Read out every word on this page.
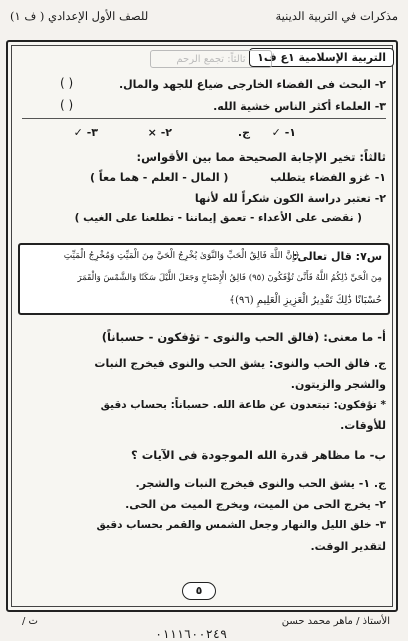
مذكرات في التربية الدينية
للصف الأول الإعدادي ( ف ١)
التربية الإسلامية ١ع ف١
ثالثاً: تجمع الرحم
٢- البحث فى الفضاء الخارجى ضياع للجهد والمال.
( )
٣- العلماء أكثر الناس خشية الله.
( )
ج. ١- ✓
٢- ×
٣- ✓
ثالثاً: تخير الإجابة الصحيحة مما بين الأقواس:
١- غزو الفضاء يتطلب
( المال - العلم - هما معاً )
٢- تعتبر دراسة الكون شكراً لله لأنها
( نقضى على الأعداء - تعمق إيماننا - تطلعنا على الغيب )
س٧: قال تعالى:
﴿إِنَّ اللَّهَ فَالِقُ الْحَبِّ وَالنَّوَىٰ يُخْرِجُ الْحَيَّ مِنَ الْمَيِّتِ وَمُخْرِجُ الْمَيِّتِ
مِنَ الْحَيِّ ذَٰلِكُمُ اللَّهُ فَأَنَّىٰ تُؤْفَكُونَ (٩٥) فَالِقُ الْإِصْبَاحِ وَجَعَلَ اللَّيْلَ سَكَنًا وَالشَّمْسَ وَالْقَمَرَ
حُسْبَانًا ذَٰلِكَ تَقْدِيرُ الْعَزِيزِ الْعَلِيمِ (٩٦)﴾
أ- ما معنى: (فالق الحب والنوى - تؤفكون - حسباناً)
ج. فالق الحب والنوى: يشق الحب والنوى فيخرج النبات
والشجر والزيتون.
* تؤفكون: تبتعدون عن طاعة الله. حسباناً: بحساب دقيق
للأوقات.
ب- ما مظاهر قدرة الله الموجودة فى الآيات ؟
ج. ١- يشق الحب والنوى فيخرج النبات والشجر.
٢- يخرج الحى من الميت، ويخرج الميت من الحى.
٣- خلق الليل والنهار وجعل الشمس والقمر بحساب دقيق
لتقدير الوقت.
٥
الأستاذ / ماهر محمد حسن
ت /
٠١١١٦٠٠٢٤٩
